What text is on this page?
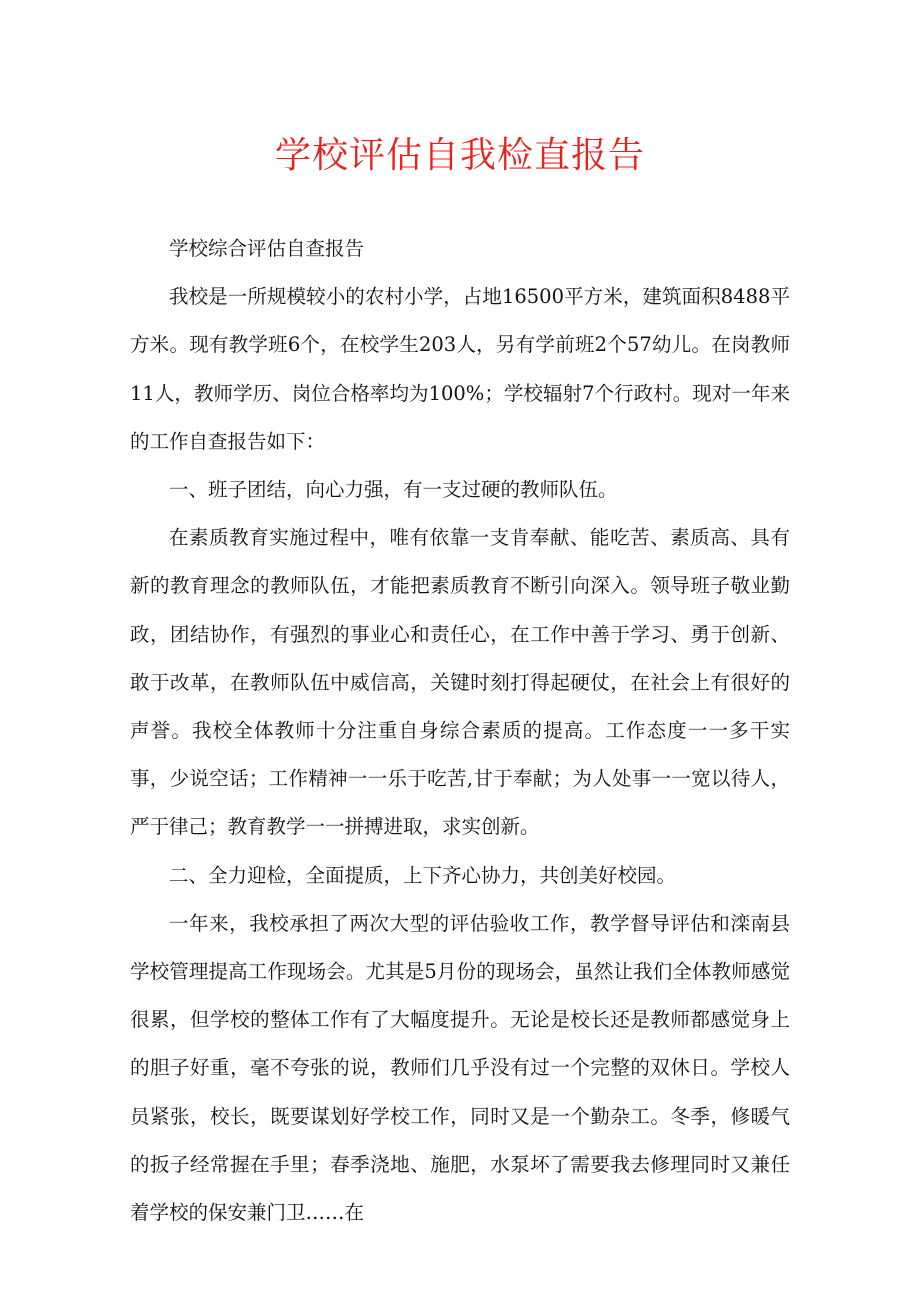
学校评估自我检直报告

学校综合评估自查报告

我校是一所规模较小的农村小学，占地16500平方米，建筑面积8488平方米。现有教学班6个，在校学生203人，另有学前班2个57幼儿。在岗教师11人，教师学历、岗位合格率均为100%；学校辐射7个行政村。现对一年来的工作自查报告如下：

一、班子团结，向心力强，有一支过硬的教师队伍。

在素质教育实施过程中，唯有依靠一支肯奉献、能吃苦、素质高、具有新的教育理念的教师队伍，才能把素质教育不断引向深入。领导班子敬业勤政，团结协作，有强烈的事业心和责任心，在工作中善于学习、勇于创新、敢于改革，在教师队伍中威信高，关键时刻打得起硬仗，在社会上有很好的声誉。我校全体教师十分注重自身综合素质的提高。工作态度一一多干实事，少说空话；工作精神一一乐于吃苦,甘于奉献；为人处事一一宽以待人，严于律己；教育教学一一拼搏进取，求实创新。

二、全力迎检，全面提质，上下齐心协力，共创美好校园。

一年来，我校承担了两次大型的评估验收工作，教学督导评估和滦南县学校管理提高工作现场会。尤其是5月份的现场会，虽然让我们全体教师感觉很累，但学校的整体工作有了大幅度提升。无论是校长还是教师都感觉身上的胆子好重，毫不夸张的说，教师们几乎没有过一个完整的双休日。学校人员紧张，校长，既要谋划好学校工作，同时又是一个勤杂工。冬季，修暖气的扳子经常握在手里；春季浇地、施肥，水泵坏了需要我去修理同时又兼任着学校的保安兼门卫……在
